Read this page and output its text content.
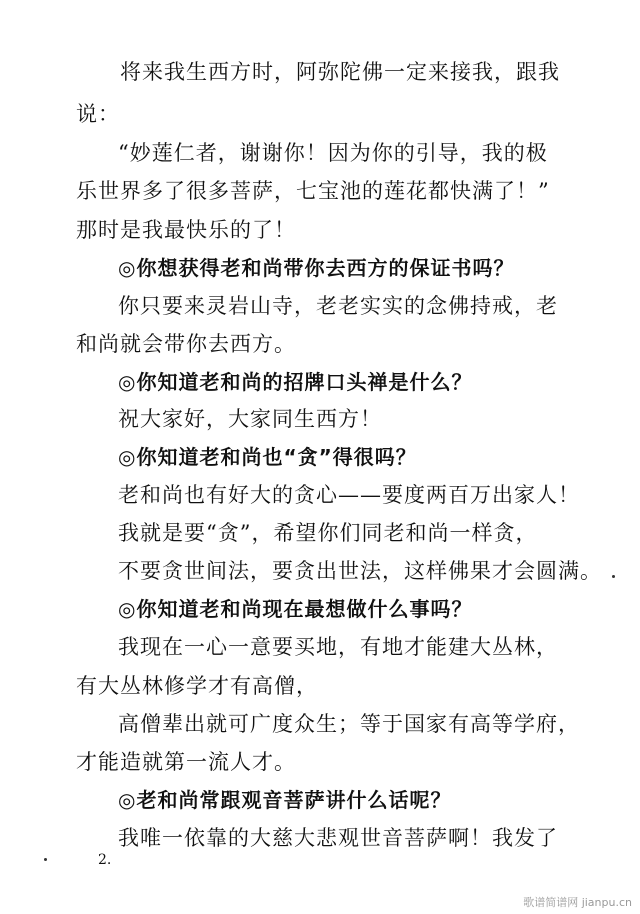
将来我生西方时，阿弥陀佛一定来接我，跟我
说：
“妙莲仁者，谢谢你！因为你的引导，我的极
乐世界多了很多菩萨，七宝池的莲花都快满了！”
那时是我最快乐的了！
◎你想获得老和尚带你去西方的保证书吗？
你只要来灵岩山寺，老老实实的念佛持戒，老
和尚就会带你去西方。
◎你知道老和尚的招牌口头禅是什么？
祝大家好，大家同生西方！
◎你知道老和尚也“贪”得很吗？
老和尚也有好大的贪心——要度两百万出家人！
我就是要“贪”，希望你们同老和尚一样贪，
不要贪世间法，要贪出世法，这样佛果才会圆满。
◎你知道老和尚现在最想做什么事吗？
我现在一心一意要买地，有地才能建大丛林，
有大丛林修学才有高僧，
高僧辈出就可广度众生；等于国家有高等学府，
才能造就第一流人才。
◎老和尚常跟观音菩萨讲什么话呢？
我唯一依靠的大慈大悲观世音菩萨啊！我发了
2.
歌谱简谱网 jianpu.cn
